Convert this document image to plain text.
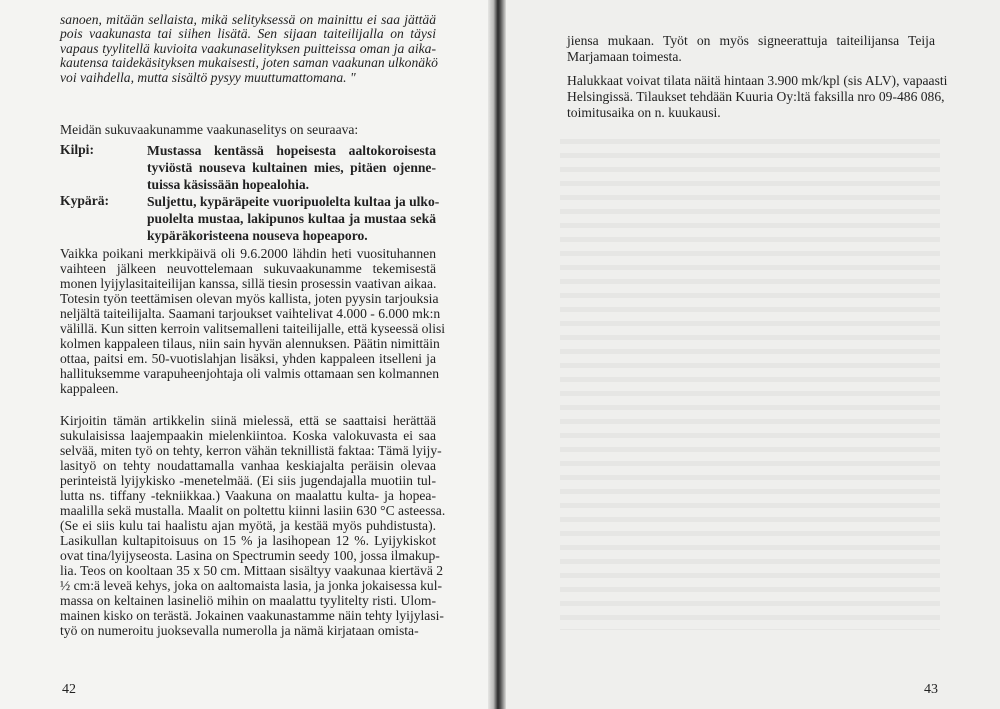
sanoen, mitään sellaista, mikä selityksessä on mainittu ei saa jättää
pois vaakunasta tai siihen lisätä. Sen sijaan taiteilijalla on täysi
vapaus tyylitellä kuvioita vaakunaselityksen puitteissa oman ja aika-
kautensa taidekäsityksen mukaisesti, joten saman vaakunan ulkonäkö
voi vaihdella, mutta sisältö pysyy muuttumattomana. "
Meidän sukuvaakunamme vaakunaselitys on seuraava:
Kilpi:	Mustassa kentässä hopeisesta aaltokoroisesta
tyviöstä nouseva kultainen mies, pitäen ojenne-
tuissa käsissään hopealohia.
Kypärä:	Suljettu, kypäräpeite vuoripuolelta kultaa ja ulko-
puolelta mustaa, lakipunos kultaa ja mustaa sekä
kypäräkoristeena nouseva hopeaporo.
Vaikka poikani merkkipäivä oli 9.6.2000 lähdin heti vuosituhannen
vaihteen jälkeen neuvottelemaan sukuvaakunamme tekemisestä
monen lyijylasitaiteilijan kanssa, sillä tiesin prosessin vaativan aikaa.
Totesin työn teettämisen olevan myös kallista, joten pyysin tarjouksia
neljältä taiteilijalta. Saamani tarjoukset vaihtelivat 4.000 - 6.000 mk:n
välillä. Kun sitten kerroin valitsemalleni taiteilijalle, että kyseessä olisi
kolmen kappaleen tilaus, niin sain hyvän alennuksen. Päätin nimittäin
ottaa, paitsi em. 50-vuotislahjan lisäksi, yhden kappaleen itselleni ja
hallituksemme varapuheenjohtaja oli valmis ottamaan sen kolmannen
kappaleen.
Kirjoitin tämän artikkelin siinä mielessä, että se saattaisi herättää
sukulaisissa laajempaakin mielenkiintoa. Koska valokuvasta ei saa
selvää, miten työ on tehty, kerron vähän teknillistä faktaa: Tämä lyijy-
lasityö on tehty noudattamalla vanhaa keskiajalta peräisin olevaa
perinteistä lyijykisko -menetelmää. (Ei siis jugendajalla muotiin tul-
lutta ns. tiffany -tekniikkaa.) Vaakuna on maalattu kulta- ja hopea-
maalilla sekä mustalla. Maalit on poltettu kiinni lasiin 630 °C asteessa.
(Se ei siis kulu tai haalistu ajan myötä, ja kestää myös puhdistusta).
Lasikullan kultapitoisuus on 15 % ja lasihopean 12 %. Lyijykiskot
ovat tina/lyijyseosta. Lasina on Spectrumin seedy 100, jossa ilmakup-
lia. Teos on kooltaan 35 x 50 cm. Mittaan sisältyy vaakunaa kiertävä 2
½ cm:ä leveä kehys, joka on aaltomaista lasia, ja jonka jokaisessa kul-
massa on keltainen lasineliö mihin on maalattu tyylitelty risti. Ulom-
mainen kisko on terästä. Jokainen vaakunastamme näin tehty lyijylasi-
työ on numeroitu juoksevalla numerolla ja nämä kirjataan omista-
42
jiensa mukaan. Työt on myös signeerattuja taiteilijansa Teija
Marjamaan toimesta.
Halukkaat voivat tilata näitä hintaan 3.900 mk/kpl (sis ALV), vapaasti
Helsingissä. Tilaukset tehdään Kuuria Oy:ltä faksilla nro 09-486 086,
toimitusaika on n. kuukausi.
43
